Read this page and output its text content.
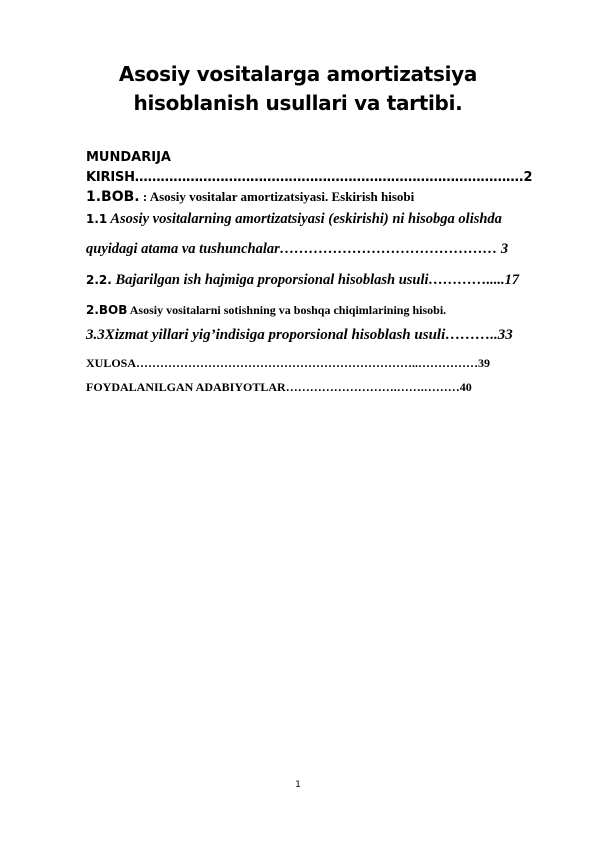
Asosiy vositalarga amortizatsiya
hisoblanish usullari va tartibi.
MUNDARIJA
KIRISH……………………………………………………………………………….2
1.BOB. : Asosiy vositalar amortizatsiyasi. Eskirish hisobi
1.1 Asosiy vositalarning amortizatsiyasi (eskirishi) ni hisobga olishda
quyidagi atama va tushunchalar……………………………………… 3
2.2. Bajarilgan ish hajmiga proporsional hisoblash usuli………….....17
2.BOB Asosiy vositalarni sotishning va boshqa chiqimlarining hisobi.
3.3Xizmat yillari yig’indisiga proporsional hisoblash usuli………..33
XULOSA……………………………………………………………..……………39
FOYDALANILGAN ADABIYOTLAR……………………….…….………40
1
